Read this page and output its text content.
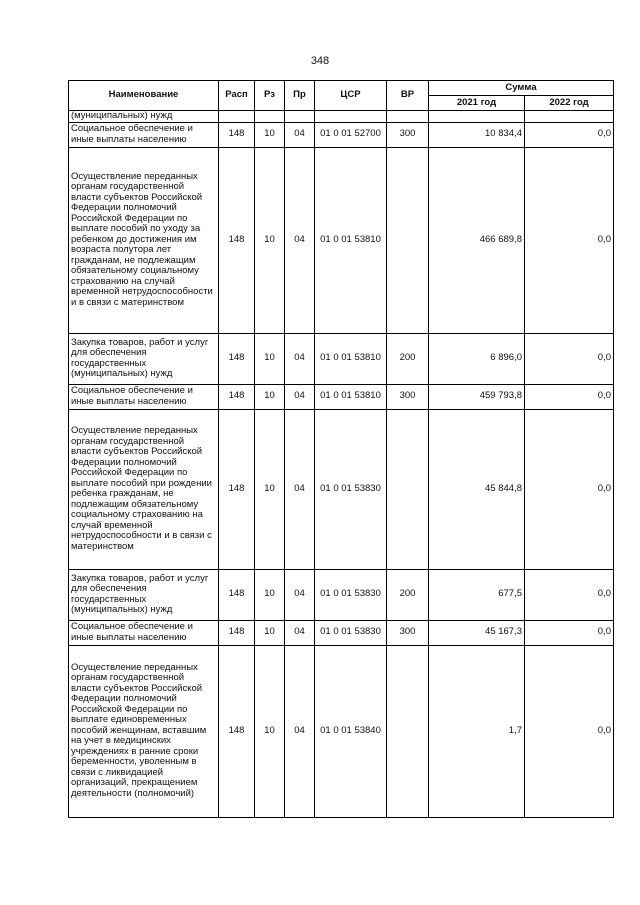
348
Наименование	Расп	Рз	Пр	ЦСР	ВР	Сумма	
						2021 год	2022 год
(муниципальных) нужд							
Социальное обеспечение и иные выплаты населению	148	10	04	01 0 01 52700	300	10 834,4	0,0
Осуществление переданных органам государственной власти субъектов Российской Федерации полномочий Российской Федерации по выплате пособий по уходу за ребенком до достижения им возраста полутора лет гражданам, не подлежащим обязательному социальному страхованию на случай временной нетрудоспособности и в связи с материнством	148	10	04	01 0 01 53810		466 689,8	0,0
Закупка товаров, работ и услуг для обеспечения государственных (муниципальных) нужд	148	10	04	01 0 01 53810	200	6 896,0	0,0
Социальное обеспечение и иные выплаты населению	148	10	04	01 0 01 53810	300	459 793,8	0,0
Осуществление переданных органам государственной власти субъектов Российской Федерации полномочий Российской Федерации по выплате пособий при рождении ребенка гражданам, не подлежащим обязательному социальному страхованию на случай временной нетрудоспособности и в связи с материнством	148	10	04	01 0 01 53830		45 844,8	0,0
Закупка товаров, работ и услуг для обеспечения государственных (муниципальных) нужд	148	10	04	01 0 01 53830	200	677,5	0,0
Социальное обеспечение и иные выплаты населению	148	10	04	01 0 01 53830	300	45 167,3	0,0
Осуществление переданных органам государственной власти субъектов Российской Федерации полномочий Российской Федерации по выплате единовременных пособий женщинам, вставшим на учет в медицинских учреждениях в ранние сроки беременности, уволенным в связи с ликвидацией организаций, прекращением деятельности (полномочий)	148	10	04	01 0 01 53840		1,7	0,0
